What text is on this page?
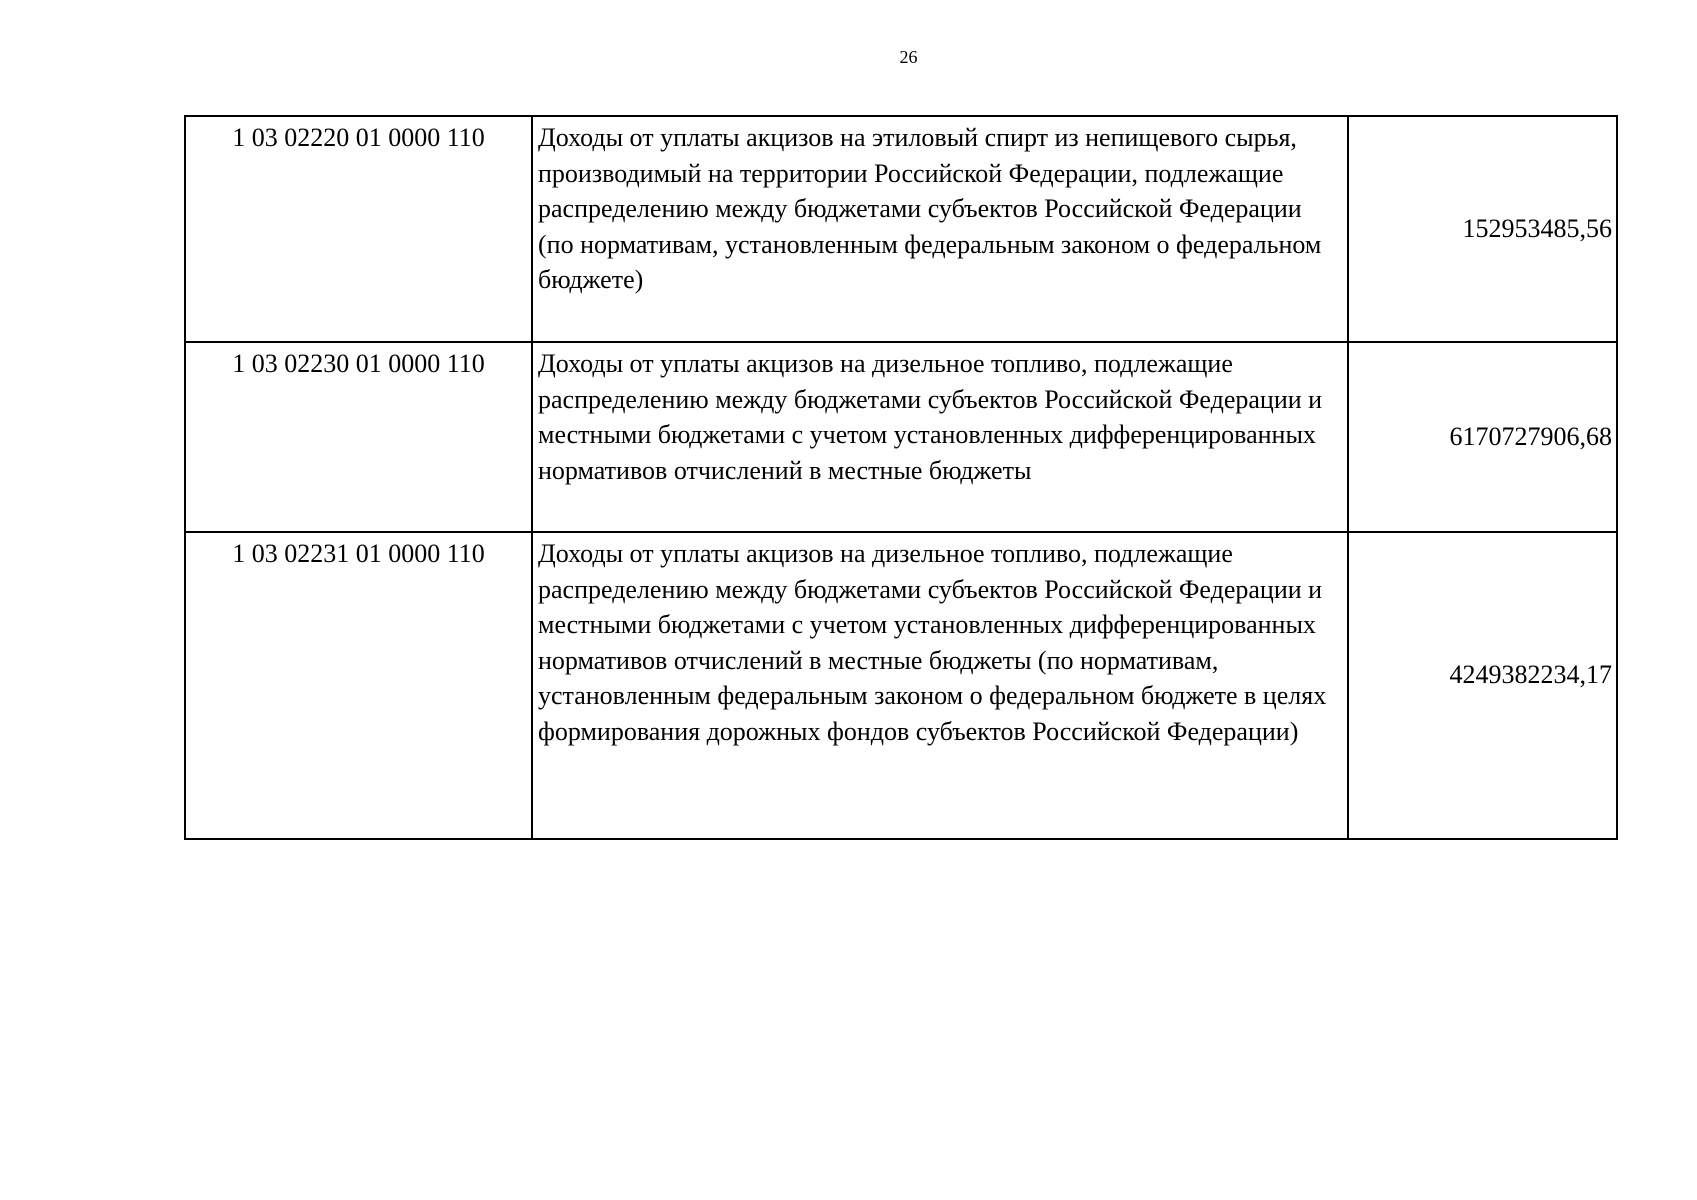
26
1 03 02220 01 0000 110	Доходы от уплаты акцизов на этиловый спирт из непищевого сырья, производимый на территории Российской Федерации, подлежащие распределению между бюджетами субъектов Российской Федерации (по нормативам, установленным федеральным законом о федеральном бюджете)	152953485,56
1 03 02230 01 0000 110	Доходы от уплаты акцизов на дизельное топливо, подлежащие распределению между бюджетами субъектов Российской Федерации и местными бюджетами с учетом установленных дифференцированных нормативов отчислений в местные бюджеты	6170727906,68
1 03 02231 01 0000 110	Доходы от уплаты акцизов на дизельное топливо, подлежащие распределению между бюджетами субъектов Российской Федерации и местными бюджетами с учетом установленных дифференцированных нормативов отчислений в местные бюджеты (по нормативам, установленным федеральным законом о федеральном бюджете в целях формирования дорожных фондов субъектов Российской Федерации)	4249382234,17
